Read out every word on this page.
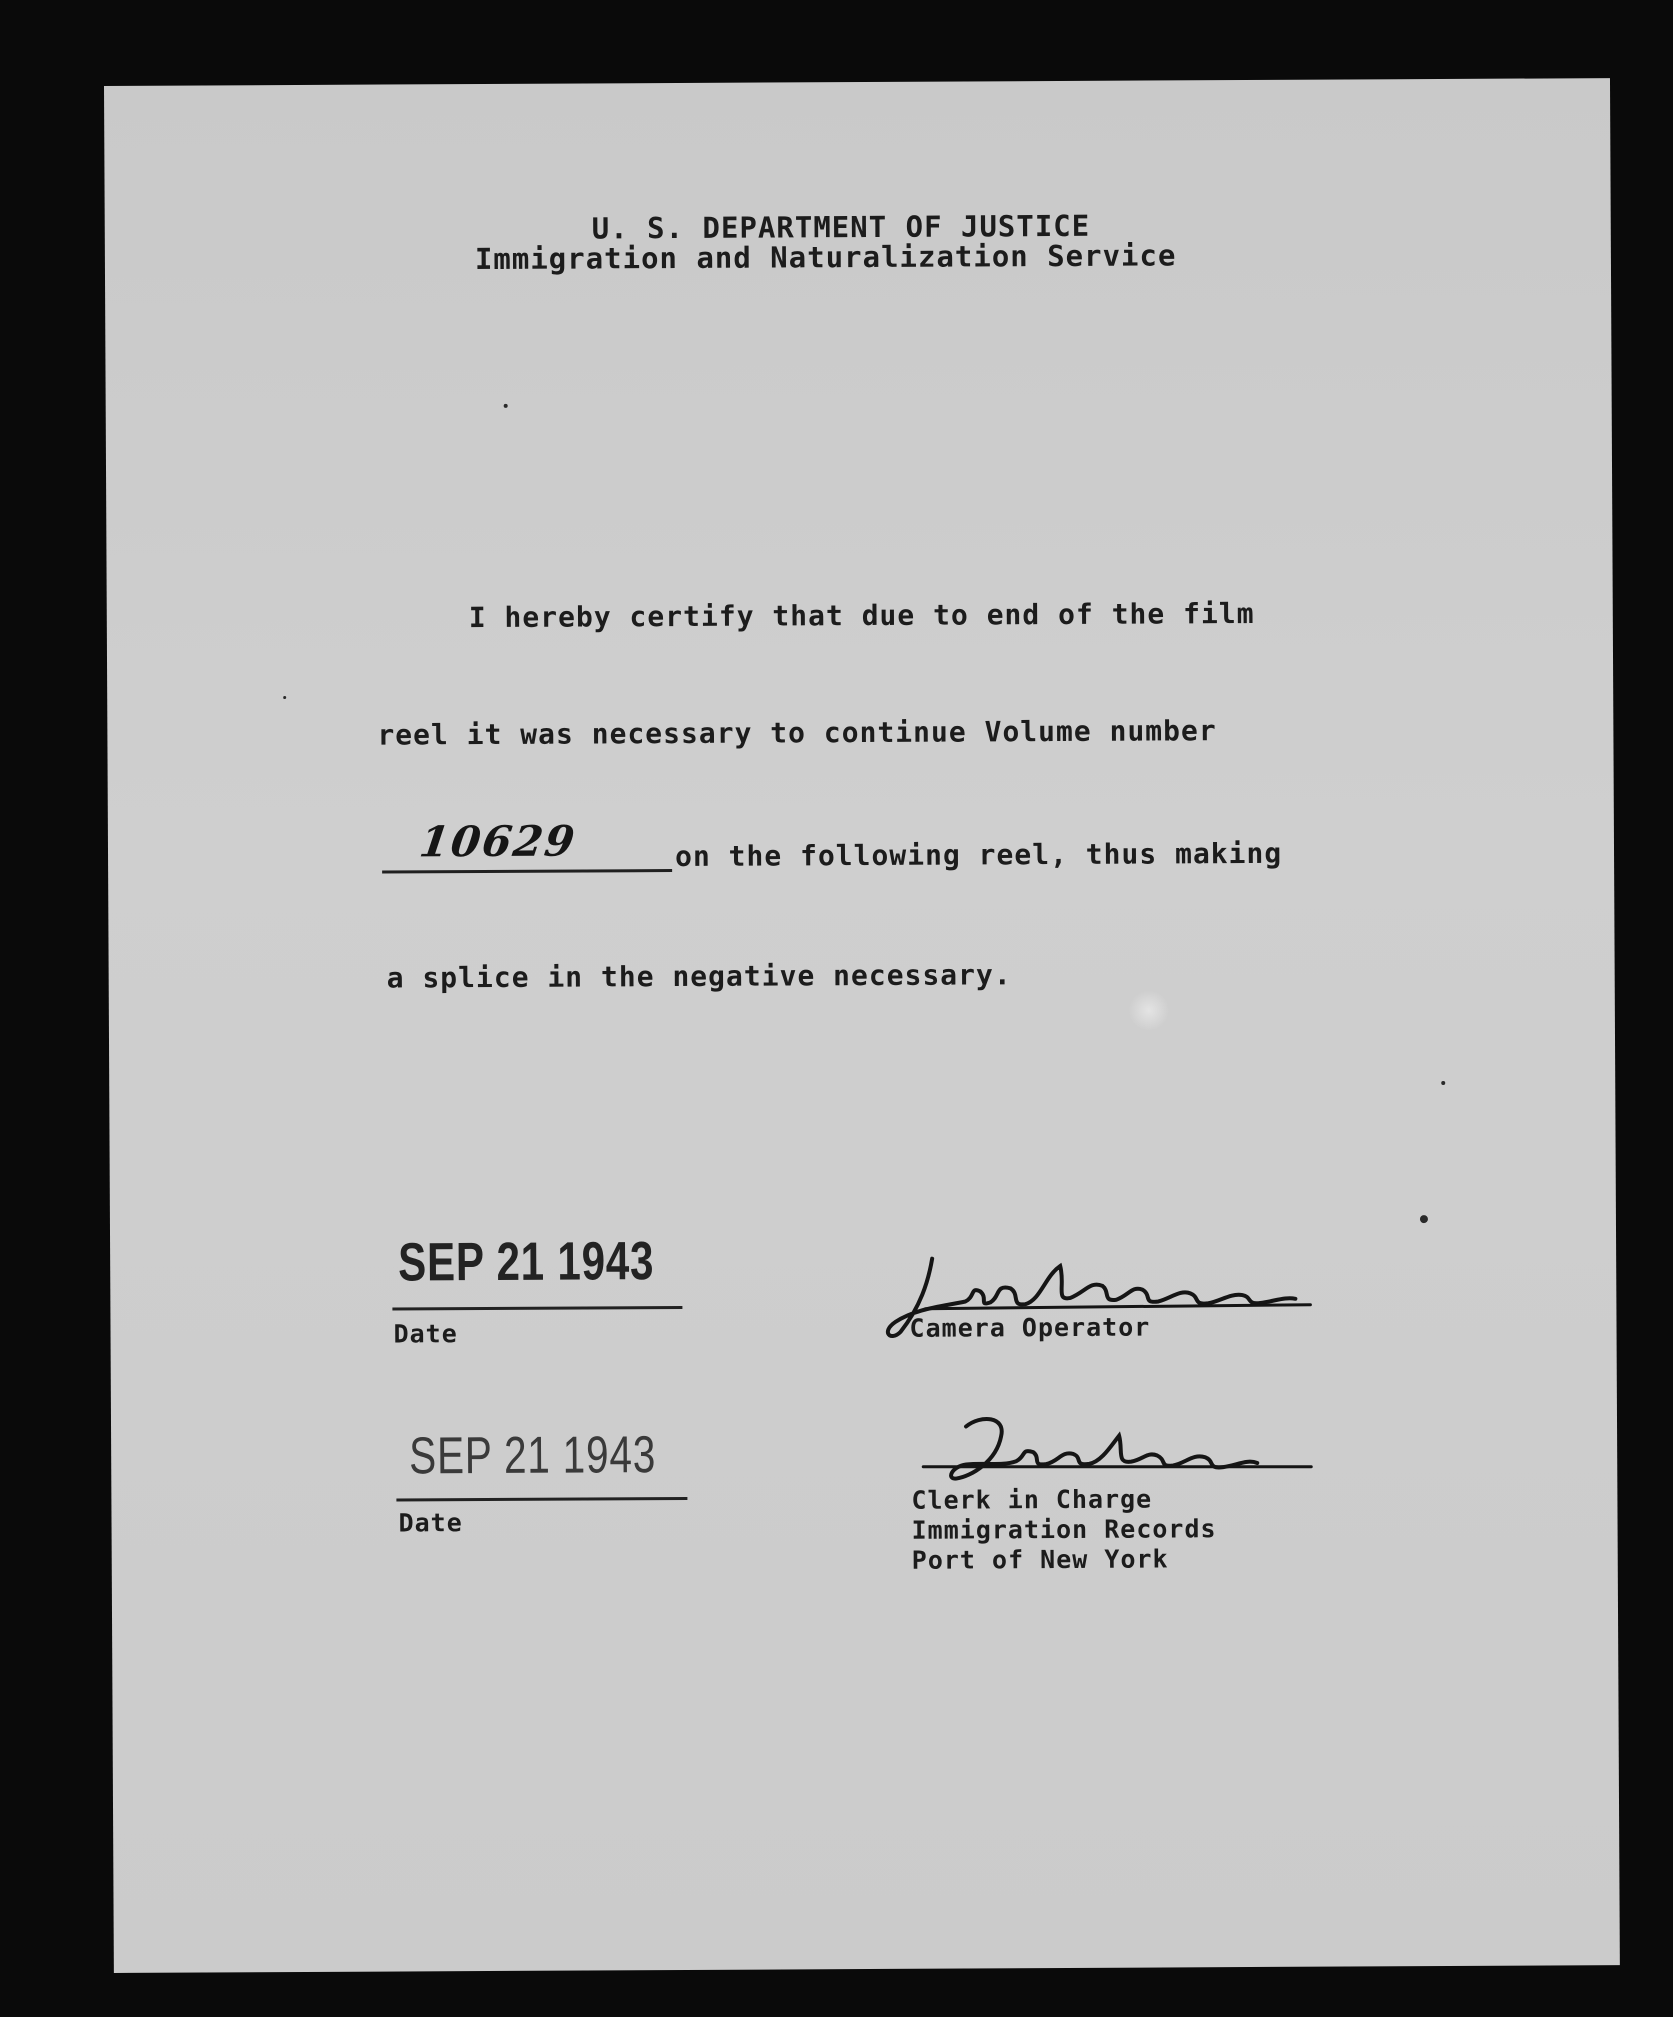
U. S. DEPARTMENT OF JUSTICE
Immigration and Naturalization Service
I hereby certify that due to end of the film
reel it was necessary to continue Volume number
10629	on the following reel, thus making
a splice in the negative necessary.
SEP 21 1943
Date	Camera Operator
SEP 21 1943
Date
Clerk in Charge
Immigration Records
Port of New York
